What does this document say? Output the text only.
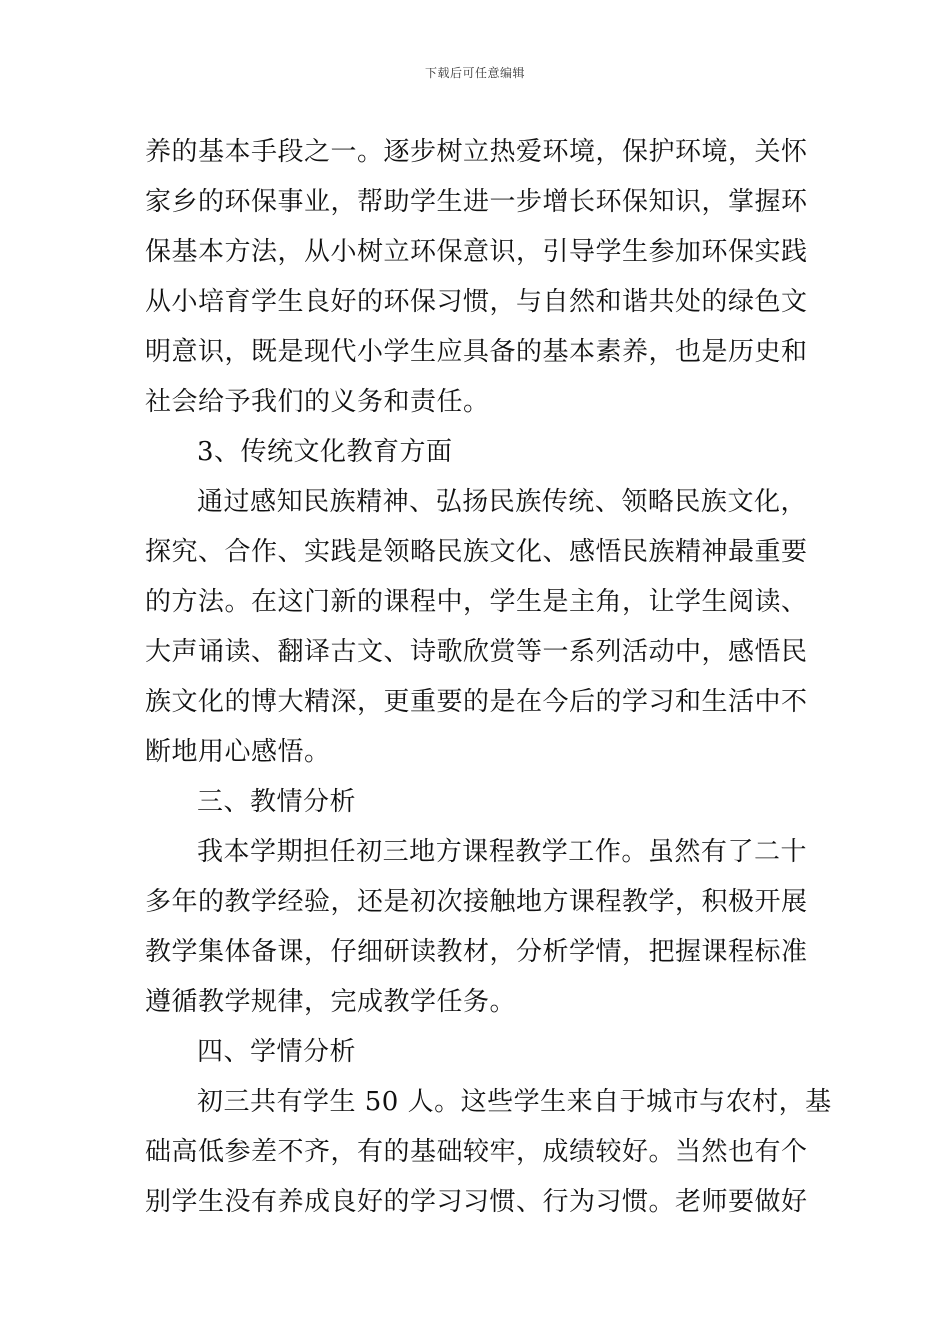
下载后可任意编辑
养的基本手段之一。逐步树立热爱环境，保护环境，关怀
家乡的环保事业，帮助学生进一步增长环保知识，掌握环
保基本方法，从小树立环保意识，引导学生参加环保实践
从小培育学生良好的环保习惯，与自然和谐共处的绿色文
明意识，既是现代小学生应具备的基本素养，也是历史和
社会给予我们的义务和责任。
3、传统文化教育方面
通过感知民族精神、弘扬民族传统、领略民族文化，
探究、合作、实践是领略民族文化、感悟民族精神最重要
的方法。在这门新的课程中，学生是主角，让学生阅读、
大声诵读、翻译古文、诗歌欣赏等一系列活动中，感悟民
族文化的博大精深，更重要的是在今后的学习和生活中不
断地用心感悟。
三、教情分析
我本学期担任初三地方课程教学工作。虽然有了二十
多年的教学经验，还是初次接触地方课程教学，积极开展
教学集体备课，仔细研读教材，分析学情，把握课程标准
遵循教学规律，完成教学任务。
四、学情分析
初三共有学生 50 人。这些学生来自于城市与农村，基
础高低参差不齐，有的基础较牢，成绩较好。当然也有个
别学生没有养成良好的学习习惯、行为习惯。老师要做好
